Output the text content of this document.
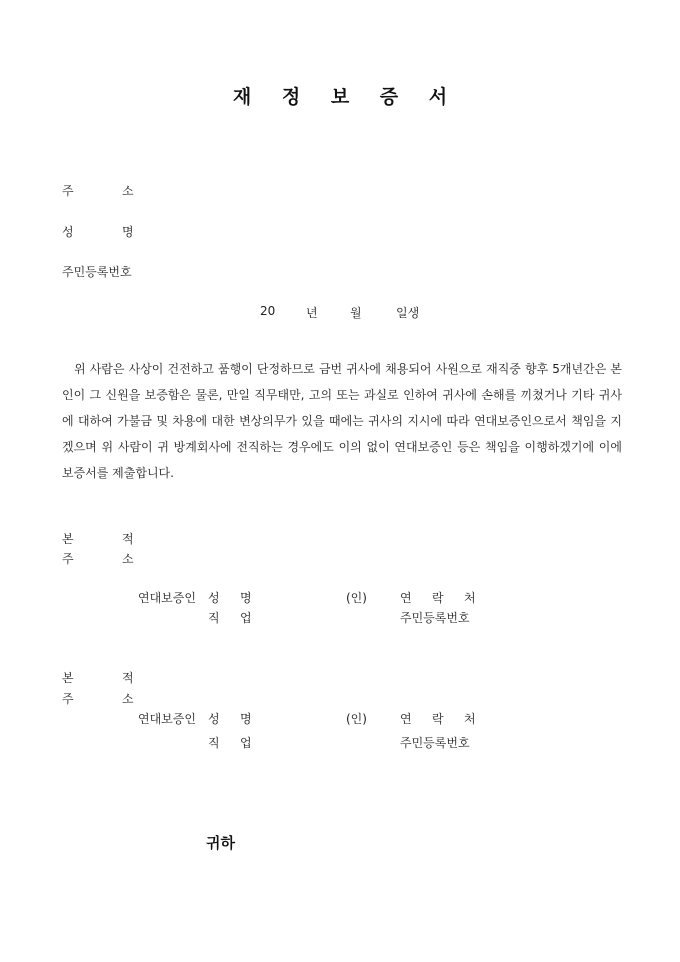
재 정 보 증 서
주	소
성	명
주민등록번호
20	년	월	일생
위 사람은 사상이 건전하고 품행이 단정하므로 금번 귀사에 채용되어 사원으로 재직중 향후 5개년간은 본인이 그 신원을 보증함은 물론, 만일 직무태만, 고의 또는 과실로 인하여 귀사에 손해를 끼쳤거나 기타 귀사에 대하여 가불금 및 차용에 대한 변상의무가 있을 때에는 귀사의 지시에 따라 연대보증인으로서 책임을 지겠으며 위 사람이 귀 방계회사에 전직하는 경우에도 이의 없이 연대보증인 등은 책임을 이행하겠기에 이에 보증서를 제출합니다.
본	적
주	소
연대보증인 성 명	(인)	연 락 처
직 업	주민등록번호
본	적
주	소
연대보증인 성 명	(인)	연 락 처
직 업	주민등록번호
귀하
